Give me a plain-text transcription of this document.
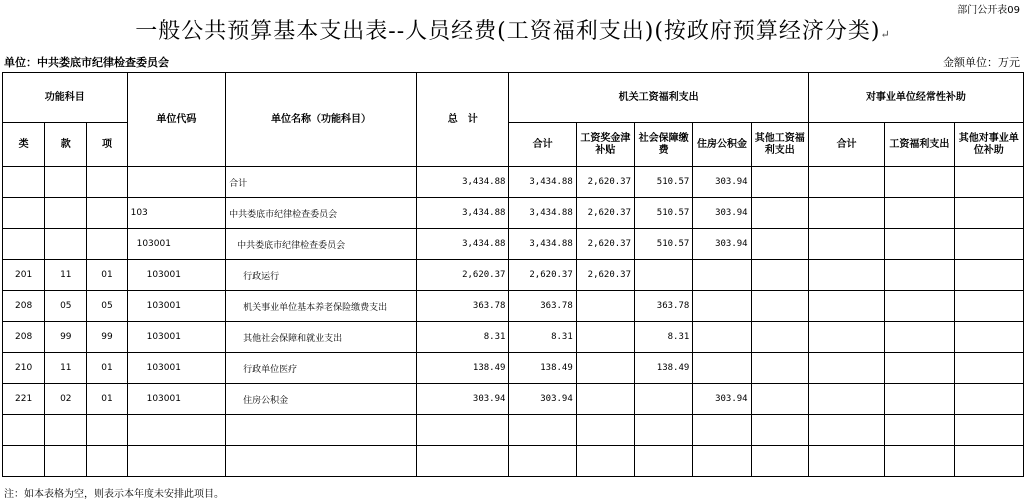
部门公开表09
一般公共预算基本支出表--人员经费(工资福利支出)(按政府预算经济分类)↵
单位：中共娄底市纪律检查委员会	金额单位：万元
功能科目			单位代码	单位名称（功能科目）	总　计	机关工资福利支出					对事业单位经常性补助		
类	款	项				合计	工资奖金津补贴	社会保障缴费	住房公积金	其他工资福利支出	合计	工资福利支出	其他对事业单位补助
				合计	3,434.88	3,434.88	2,620.37	510.57	303.94				
			103	中共娄底市纪律检查委员会	3,434.88	3,434.88	2,620.37	510.57	303.94				
			103001	中共娄底市纪律检查委员会	3,434.88	3,434.88	2,620.37	510.57	303.94				
201	11	01	103001	行政运行	2,620.37	2,620.37	2,620.37						
208	05	05	103001	机关事业单位基本养老保险缴费支出	363.78	363.78		363.78					
208	99	99	103001	其他社会保障和就业支出	8.31	8.31		8.31					
210	11	01	103001	行政单位医疗	138.49	138.49		138.49					
221	02	01	103001	住房公积金	303.94	303.94			303.94				

注：如本表格为空，则表示本年度未安排此项目。
